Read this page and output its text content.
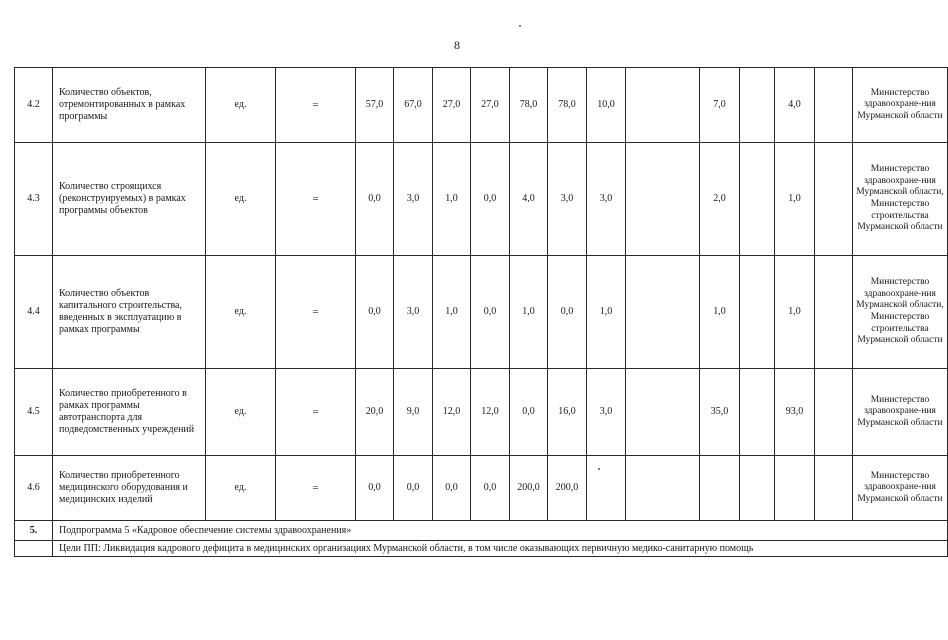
8
4.2	Количество объектов, отремонтированных в рамках программы	ед.	=	57,0	67,0	27,0	27,0	78,0	78,0	10,0		7,0		4,0		Министерство здравоохране-ния Мурманской области
4.3	Количество строящихся (реконструируемых) в рамках программы объектов	ед.	=	0,0	3,0	1,0	0,0	4,0	3,0	3,0		2,0		1,0		Министерство здравоохране-ния Мурманской области, Министерство строительства Мурманской области
4.4	Количество объектов капитального строительства, введенных в эксплуатацию в рамках программы	ед.	=	0,0	3,0	1,0	0,0	1,0	0,0	1,0		1,0		1,0		Министерство здравоохране-ния Мурманской области, Министерство строительства Мурманской области
4.5	Количество приобретенного в рамках программы автотранспорта для подведомственных учреждений	ед.	=	20,0	9,0	12,0	12,0	0,0	16,0	3,0		35,0		93,0		Министерство здравоохране-ния Мурманской области
4.6	Количество приобретенного медицинского оборудования и медицинских изделий	ед.	=	0,0	0,0	0,0	0,0	200,0	200,0							Министерство здравоохране-ния Мурманской области
5.	Подпрограмма 5 «Кадровое обеспечение системы здравоохранения»															
	Цели ПП: Ликвидация кадрового дефицита в медицинских организациях Мурманской области, в том числе оказывающих первичную медико-санитарную помощь															
